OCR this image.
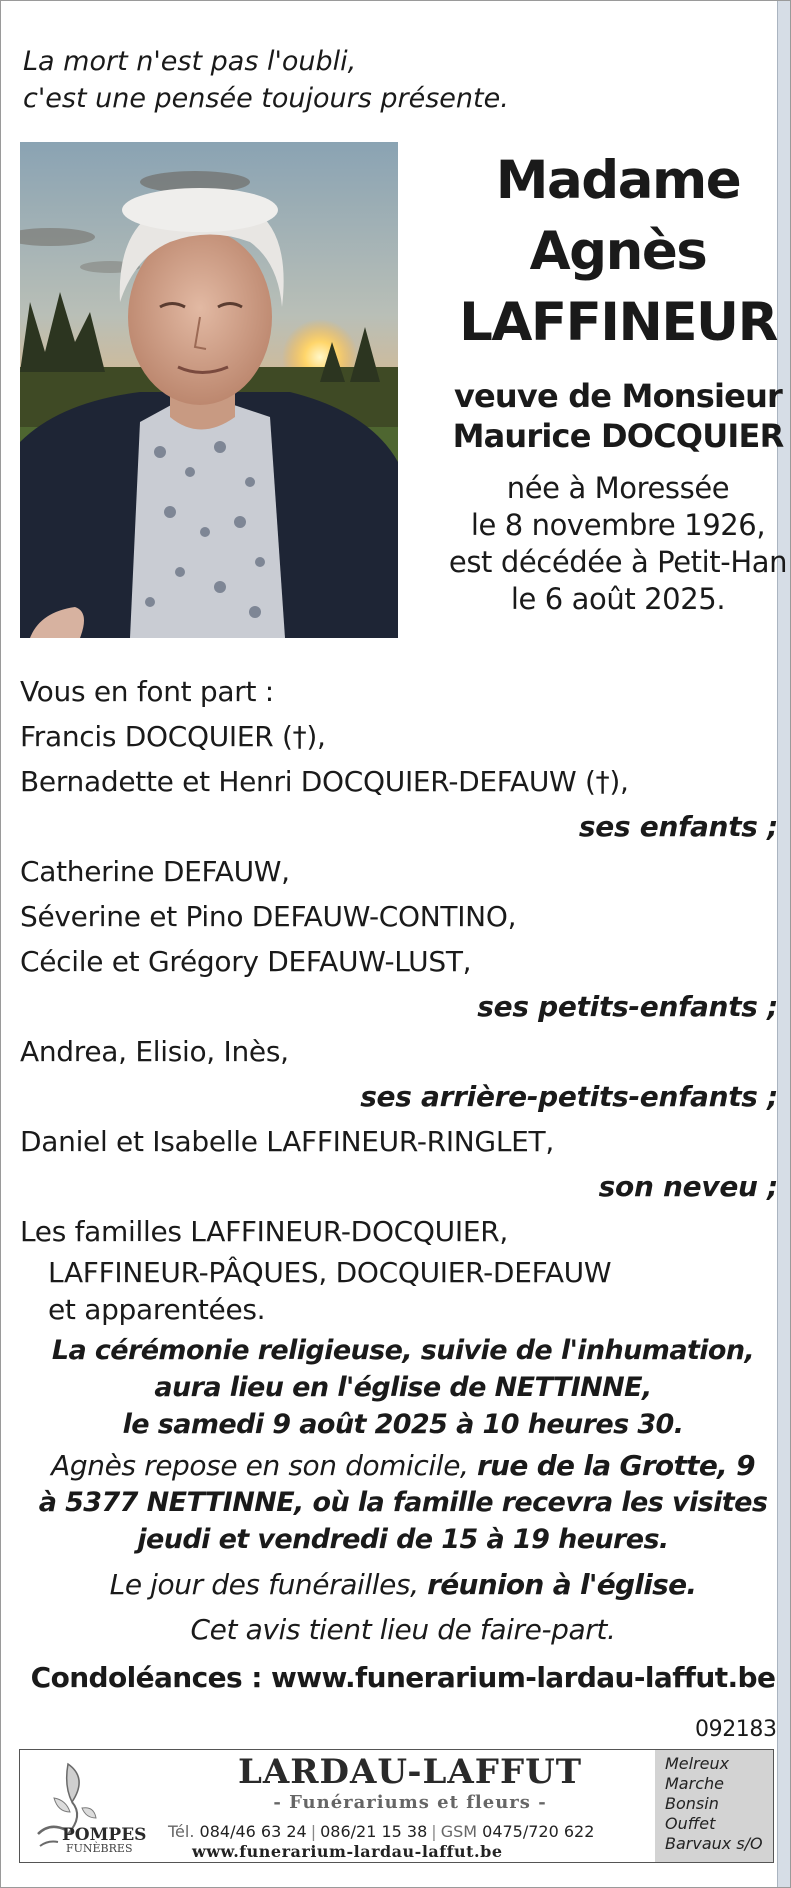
La mort n'est pas l'oubli,
c'est une pensée toujours présente.
Madame
Agnès
LAFFINEUR
veuve de Monsieur
Maurice DOCQUIER
née à Moressée
le 8 novembre 1926,
est décédée à Petit-Han
le 6 août 2025.
Vous en font part :
Francis DOCQUIER (†),
Bernadette et Henri DOCQUIER-DEFAUW (†),
ses enfants ;
Catherine DEFAUW,
Séverine et Pino DEFAUW-CONTINO,
Cécile et Grégory DEFAUW-LUST,
ses petits-enfants ;
Andrea, Elisio, Inès,
ses arrière-petits-enfants ;
Daniel et Isabelle LAFFINEUR-RINGLET,
son neveu ;
Les familles LAFFINEUR-DOCQUIER,
LAFFINEUR-PÂQUES, DOCQUIER-DEFAUW
et apparentées.
La cérémonie religieuse, suivie de l'inhumation,
aura lieu en l'église de NETTINNE,
le samedi 9 août 2025 à 10 heures 30.
Agnès repose en son domicile, rue de la Grotte, 9
à 5377 NETTINNE, où la famille recevra les visites
jeudi et vendredi de 15 à 19 heures.
Le jour des funérailles, réunion à l'église.
Cet avis tient lieu de faire-part.
Condoléances : www.funerarium-lardau-laffut.be
092183
POMPES
FUNÈBRES
LARDAU-LAFFUT
- Funérariums et fleurs -
Tél. 084/46 63 24 | 086/21 15 38 | GSM 0475/720 622
www.funerarium-lardau-laffut.be
Melreux
Marche
Bonsin
Ouffet
Barvaux s/O
